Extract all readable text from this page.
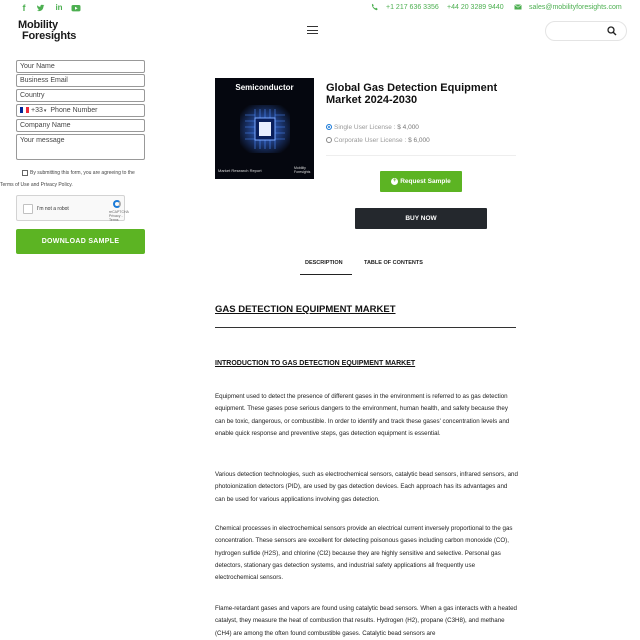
f	in	+1 217 636 3356 +44 20 3289 9440	sales@mobilityforesights.com
Mobility
Foresights
Your Name
Business Email
Country
+33▾ Phone Number
Company Name
Your message
By submitting this form, you are agreeing to the
Terms of Use and Privacy Policy.
I'm not a robot	reCAPTCHA
Privacy - Terms
DOWNLOAD SAMPLE
Semiconductor
Market Research Report	Mobility
Foresights
Global Gas Detection Equipment Market 2024-2030
Single User License : $ 4,000
Corporate User License : $ 6,000
+ Request Sample
BUY NOW
DESCRIPTION	TABLE OF CONTENTS
GAS DETECTION EQUIPMENT MARKET
INTRODUCTION TO GAS DETECTION EQUIPMENT MARKET
Equipment used to detect the presence of different gases in the environment is referred to as gas detection equipment. These gases pose serious dangers to the environment, human health, and safety because they can be toxic, dangerous, or combustible. In order to identify and track these gases' concentration levels and enable quick response and preventive steps, gas detection equipment is essential.
Various detection technologies, such as electrochemical sensors, catalytic bead sensors, infrared sensors, and photoionization detectors (PID), are used by gas detection devices. Each approach has its advantages and can be used for various applications involving gas detection.
Chemical processes in electrochemical sensors provide an electrical current inversely proportional to the gas concentration. These sensors are excellent for detecting poisonous gases including carbon monoxide (CO), hydrogen sulfide (H2S), and chlorine (Cl2) because they are highly sensitive and selective. Personal gas detectors, stationary gas detection systems, and industrial safety applications all frequently use electrochemical sensors.
Flame-retardant gases and vapors are found using catalytic bead sensors. When a gas interacts with a heated catalyst, they measure the heat of combustion that results. Hydrogen (H2), propane (C3H8), and methane (CH4) are among the often found combustible gases. Catalytic bead sensors are
